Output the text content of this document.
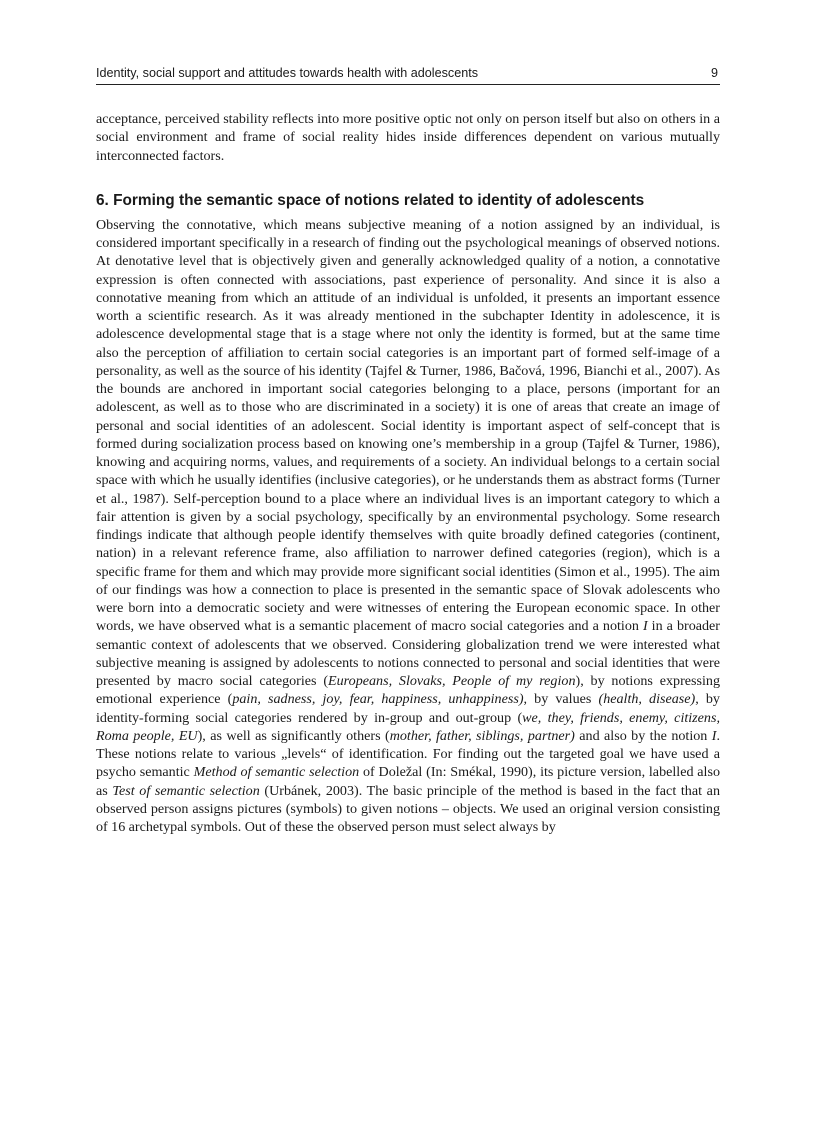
Identity, social support and attitudes towards health with adolescents	9

acceptance, perceived stability reflects into more positive optic not only on person itself but also on others in a social environment and frame of social reality hides inside differences dependent on various mutually interconnected factors.

6. Forming the semantic space of notions related to identity of adolescents

Observing the connotative, which means subjective meaning of a notion assigned by an individual, is considered important specifically in a research of finding out the psychological meanings of observed notions. At denotative level that is objectively given and generally acknowledged quality of a notion, a connotative expression is often connected with associations, past experience of personality. And since it is also a connotative meaning from which an attitude of an individual is unfolded, it presents an important essence worth a scientific research. As it was already mentioned in the subchapter Identity in adolescence, it is adolescence developmental stage that is a stage where not only the identity is formed, but at the same time also the perception of affiliation to certain social categories is an important part of formed self-image of a personality, as well as the source of his identity (Tajfel & Turner, 1986, Bačová, 1996, Bianchi et al., 2007). As the bounds are anchored in important social categories belonging to a place, persons (important for an adolescent, as well as to those who are discriminated in a society) it is one of areas that create an image of personal and social identities of an adolescent. Social identity is important aspect of self-concept that is formed during socialization process based on knowing one’s membership in a group (Tajfel & Turner, 1986), knowing and acquiring norms, values, and requirements of a society. An individual belongs to a certain social space with which he usually identifies (inclusive categories), or he understands them as abstract forms (Turner et al., 1987). Self-perception bound to a place where an individual lives is an important category to which a fair attention is given by a social psychology, specifically by an environmental psychology. Some research findings indicate that although people identify themselves with quite broadly defined categories (continent, nation) in a relevant reference frame, also affiliation to narrower defined categories (region), which is a specific frame for them and which may provide more significant social identities (Simon et al., 1995). The aim of our findings was how a connection to place is presented in the semantic space of Slovak adolescents who were born into a democratic society and were witnesses of entering the European economic space. In other words, we have observed what is a semantic placement of macro social categories and a notion I in a broader semantic context of adolescents that we observed. Considering globalization trend we were interested what subjective meaning is assigned by adolescents to notions connected to personal and social identities that were presented by macro social categories (Europeans, Slovaks, People of my region), by notions expressing emotional experience (pain, sadness, joy, fear, happiness, unhappiness), by values (health, disease), by identity-forming social categories rendered by in-group and out-group (we, they, friends, enemy, citizens, Roma people, EU), as well as significantly others (mother, father, siblings, partner) and also by the notion I. These notions relate to various „levels“ of identification. For finding out the targeted goal we have used a psycho semantic Method of semantic selection of Doležal (In: Smékal, 1990), its picture version, labelled also as Test of semantic selection (Urbánek, 2003). The basic principle of the method is based in the fact that an observed person assigns pictures (symbols) to given notions – objects. We used an original version consisting of 16 archetypal symbols. Out of these the observed person must select always by
